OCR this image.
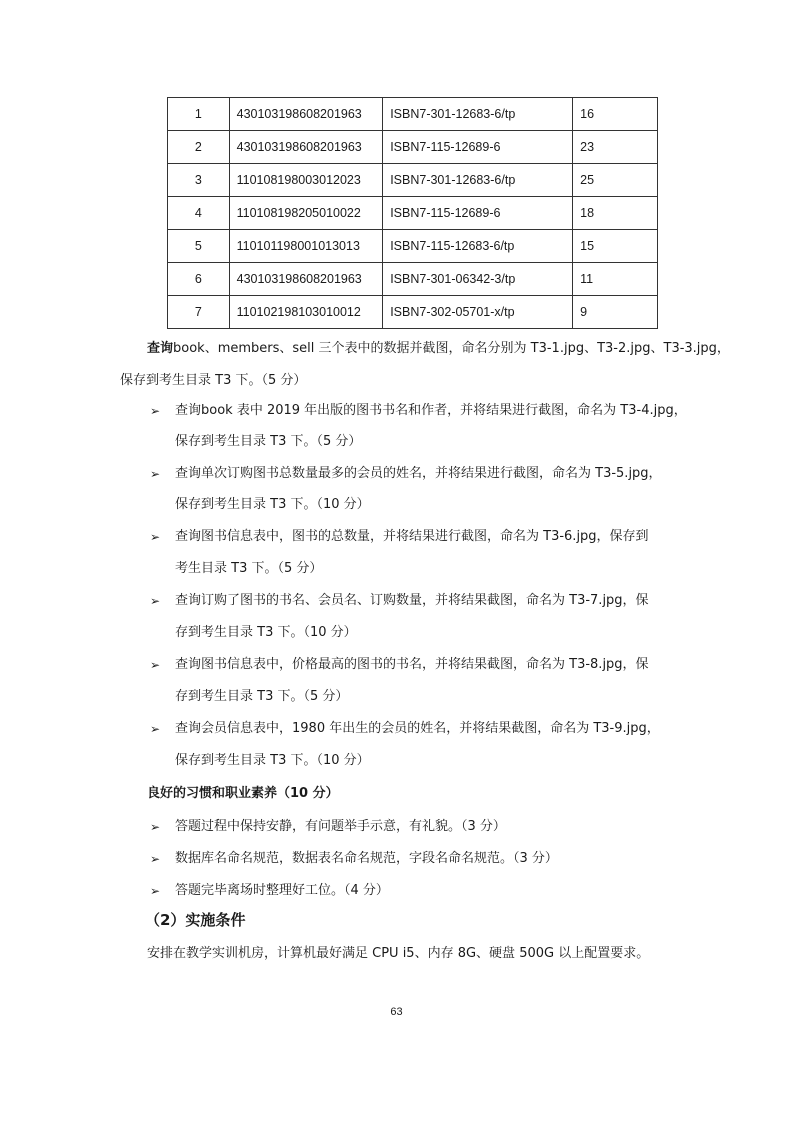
1	430103198608201963	ISBN7-301-12683-6/tp	16
2	430103198608201963	ISBN7-115-12689-6	23
3	110108198003012023	ISBN7-301-12683-6/tp	25
4	110108198205010022	ISBN7-115-12689-6	18
5	110101198001013013	ISBN7-115-12683-6/tp	15
6	430103198608201963	ISBN7-301-06342-3/tp	11
7	110102198103010012	ISBN7-302-05701-x/tp	9
查询book、members、sell 三个表中的数据并截图，命名分别为 T3-1.jpg、T3-2.jpg、T3-3.jpg，
保存到考生目录 T3 下。（5 分）
➢ 查询book 表中 2019 年出版的图书书名和作者，并将结果进行截图，命名为 T3-4.jpg，
保存到考生目录 T3 下。（5 分）
➢ 查询单次订购图书总数量最多的会员的姓名，并将结果进行截图，命名为 T3-5.jpg，
保存到考生目录 T3 下。（10 分）
➢ 查询图书信息表中，图书的总数量，并将结果进行截图，命名为 T3-6.jpg，保存到
考生目录 T3 下。（5 分）
➢ 查询订购了图书的书名、会员名、订购数量，并将结果截图，命名为 T3-7.jpg，保
存到考生目录 T3 下。（10 分）
➢ 查询图书信息表中，价格最高的图书的书名，并将结果截图，命名为 T3-8.jpg，保
存到考生目录 T3 下。（5 分）
➢ 查询会员信息表中，1980 年出生的会员的姓名，并将结果截图，命名为 T3-9.jpg，
保存到考生目录 T3 下。（10 分）
良好的习惯和职业素养（10 分）
➢ 答题过程中保持安静，有问题举手示意，有礼貌。（3 分）
➢ 数据库名命名规范，数据表名命名规范，字段名命名规范。（3 分）
➢ 答题完毕离场时整理好工位。（4 分）
（2）实施条件
安排在教学实训机房，计算机最好满足 CPU i5、内存 8G、硬盘 500G 以上配置要求。
63
